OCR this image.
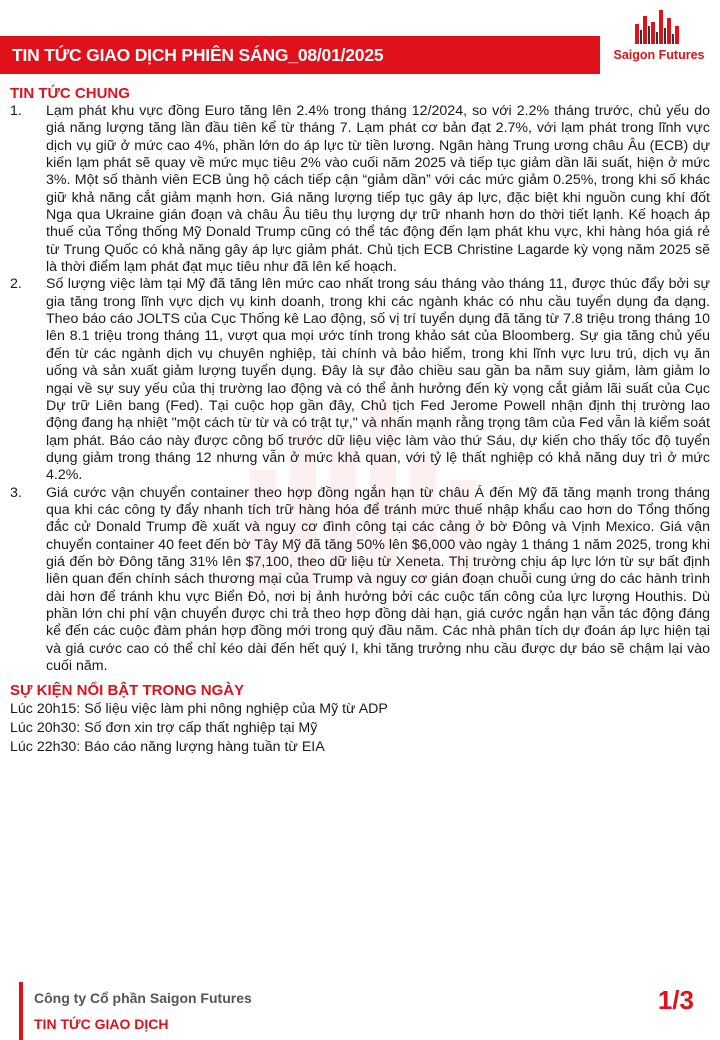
TIN TỨC GIAO DỊCH PHIÊN SÁNG_08/01/2025	Saigon Futures
TIN TỨC CHUNG
1.	Lạm phát khu vực đồng Euro tăng lên 2.4% trong tháng 12/2024, so với 2.2% tháng trước, chủ yếu do giá năng lượng tăng lần đầu tiên kể từ tháng 7. Lạm phát cơ bản đạt 2.7%, với lạm phát trong lĩnh vực dịch vụ giữ ở mức cao 4%, phần lớn do áp lực từ tiền lương. Ngân hàng Trung ương châu Âu (ECB) dự kiến lạm phát sẽ quay về mức mục tiêu 2% vào cuối năm 2025 và tiếp tục giảm dần lãi suất, hiện ở mức 3%. Một số thành viên ECB ủng hộ cách tiếp cận “giảm dần” với các mức giảm 0.25%, trong khi số khác giữ khả năng cắt giảm mạnh hơn. Giá năng lượng tiếp tục gây áp lực, đặc biệt khi nguồn cung khí đốt Nga qua Ukraine gián đoạn và châu Âu tiêu thụ lượng dự trữ nhanh hơn do thời tiết lạnh. Kế hoạch áp thuế của Tổng thống Mỹ Donald Trump cũng có thể tác động đến lạm phát khu vực, khi hàng hóa giá rẻ từ Trung Quốc có khả năng gây áp lực giảm phát. Chủ tịch ECB Christine Lagarde kỳ vọng năm 2025 sẽ là thời điểm lạm phát đạt mục tiêu như đã lên kế hoạch.
2.	Số lượng việc làm tại Mỹ đã tăng lên mức cao nhất trong sáu tháng vào tháng 11, được thúc đẩy bởi sự gia tăng trong lĩnh vực dịch vụ kinh doanh, trong khi các ngành khác có nhu cầu tuyển dụng đa dạng. Theo báo cáo JOLTS của Cục Thống kê Lao động, số vị trí tuyển dụng đã tăng từ 7.8 triệu trong tháng 10 lên 8.1 triệu trong tháng 11, vượt qua mọi ước tính trong khảo sát của Bloomberg. Sự gia tăng chủ yếu đến từ các ngành dịch vụ chuyên nghiệp, tài chính và bảo hiểm, trong khi lĩnh vực lưu trú, dịch vụ ăn uống và sản xuất giảm lượng tuyển dụng. Đây là sự đảo chiều sau gần ba năm suy giảm, làm giảm lo ngại về sự suy yếu của thị trường lao động và có thể ảnh hưởng đến kỳ vọng cắt giảm lãi suất của Cục Dự trữ Liên bang (Fed). Tại cuộc họp gần đây, Chủ tịch Fed Jerome Powell nhận định thị trường lao động đang hạ nhiệt "một cách từ từ và có trật tự," và nhấn mạnh rằng trọng tâm của Fed vẫn là kiểm soát lạm phát. Báo cáo này được công bố trước dữ liệu việc làm vào thứ Sáu, dự kiến cho thấy tốc độ tuyển dụng giảm trong tháng 12 nhưng vẫn ở mức khả quan, với tỷ lệ thất nghiệp có khả năng duy trì ở mức 4.2%.
3.	Giá cước vận chuyển container theo hợp đồng ngắn hạn từ châu Á đến Mỹ đã tăng mạnh trong tháng qua khi các công ty đẩy nhanh tích trữ hàng hóa để tránh mức thuế nhập khẩu cao hơn do Tổng thống đắc cử Donald Trump đề xuất và nguy cơ đình công tại các cảng ở bờ Đông và Vịnh Mexico. Giá vận chuyển container 40 feet đến bờ Tây Mỹ đã tăng 50% lên $6,000 vào ngày 1 tháng 1 năm 2025, trong khi giá đến bờ Đông tăng 31% lên $7,100, theo dữ liệu từ Xeneta. Thị trường chịu áp lực lớn từ sự bất định liên quan đến chính sách thương mại của Trump và nguy cơ gián đoạn chuỗi cung ứng do các hành trình dài hơn để tránh khu vực Biển Đỏ, nơi bị ảnh hưởng bởi các cuộc tấn công của lực lượng Houthis. Dù phần lớn chi phí vận chuyển được chi trả theo hợp đồng dài hạn, giá cước ngắn hạn vẫn tác động đáng kể đến các cuộc đàm phán hợp đồng mới trong quý đầu năm. Các nhà phân tích dự đoán áp lực hiện tại và giá cước cao có thể chỉ kéo dài đến hết quý I, khi tăng trưởng nhu cầu được dự báo sẽ chậm lại vào cuối năm.
SỰ KIỆN NỔI BẬT TRONG NGÀY
Lúc 20h15: Số liệu việc làm phi nông nghiệp của Mỹ từ ADP
Lúc 20h30: Số đơn xin trợ cấp thất nghiệp tại Mỹ
Lúc 22h30: Báo cáo năng lượng hàng tuần từ EIA
Công ty Cổ phần Saigon Futures
TIN TỨC GIAO DỊCH
1/3
